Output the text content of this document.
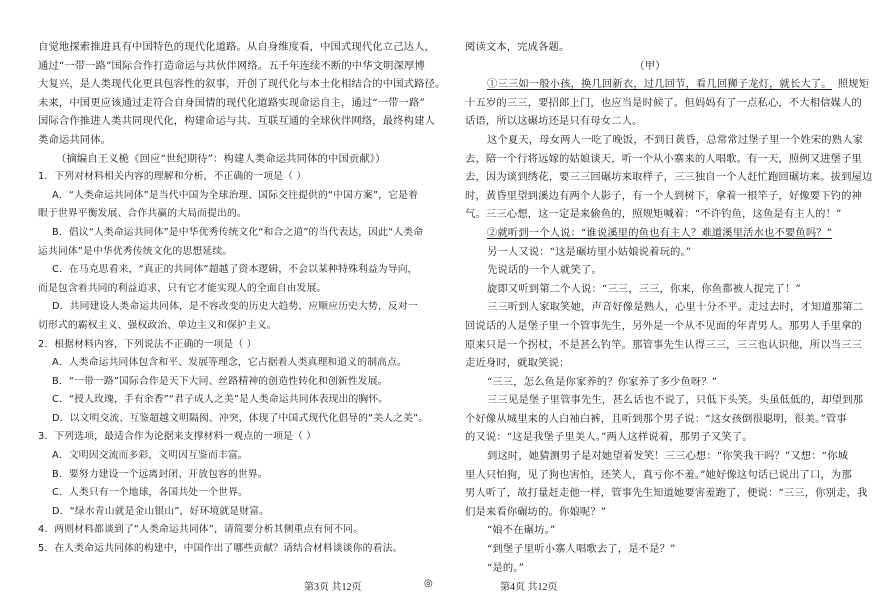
自觉地探索推进具有中国特色的现代化道路。从自身维度看，中国式现代化立己达人，
通过“一带一路”国际合作打造命运与共伙伴网络。五千年连续不断的中华文明深厚博
大复兴，是人类现代化更具包容性的叙事，开创了现代化与本土化相结合的中国式路径。
未来，中国更应该通过走符合自身国情的现代化道路实现命运自主，通过“一带一路”
国际合作推进人类共同现代化，构建命运与共、互联互通的全球伙伴网络，最终构建人
类命运共同体。
（摘编自王义桅《回应“世纪期待”：构建人类命运共同体的中国贡献》）
1．下列对材料相关内容的理解和分析，不正确的一项是（ ）
A．“人类命运共同体”是当代中国为全球治理、国际交往提供的“中国方案”，它是着
眼于世界平衡发展、合作共赢的大局而提出的。
B．倡议“人类命运共同体”是中华优秀传统文化“和合之道”的当代表达，因此“人类命
运共同体”是中华优秀传统文化的思想延续。
C．在马克思看来，“真正的共同体”超越了资本逻辑，不会以某种特殊利益为导向，
而是包含着共同的利益追求，只有它才能实现人的全面自由发展。
D．共同建设人类命运共同体，是不容改变的历史大趋势，应顺应历史大势，反对一
切形式的霸权主义、强权政治、单边主义和保护主义。
2．根据材料内容，下列说法不正确的一项是（ ）
A．人类命运共同体包含和平、发展等理念，它占据着人类真理和道义的制高点。
B．“一带一路”国际合作是天下大同、丝路精神的创造性转化和创新性发展。
C．“授人玫瑰，手有余香”“君子成人之美”是人类命运共同体表现出的胸怀。
D．以文明交流、互鉴超越文明隔阂、冲突，体现了中国式现代化倡导的“美人之美”。
3．下列选项，最适合作为论据来支撑材料一观点的一项是（ ）
A．文明因交流而多彩，文明因互鉴而丰富。
B．要努力建设一个远离封闭、开放包容的世界。
C．人类只有一个地球，各国共处一个世界。
D．“绿水青山就是金山银山”，好环境就是财富。
4．两则材料都谈到了“人类命运共同体”，请简要分析其侧重点有何不同。
5．在人类命运共同体的构建中，中国作出了哪些贡献？请结合材料谈谈你的看法。
阅读文本，完成各题。
（甲）
①三三如一般小孩，换几回新衣，过几回节，看几回狮子龙灯，就长大了。 照规矩
十五岁的三三，要招郎上门，也应当是时候了。但妈妈有了一点私心，不大相信媒人的
话语，所以这碾坊还是只有母女二人。
这个夏天，母女两人一吃了晚饭，不到日黄昏，总常常过堡子里一个姓宋的熟人家
去，陪一个行将远嫁的姑娘谈天，听一个从小寨来的人唱歌。有一天，照例又进堡子里
去，因为谈到绣花，要三三回碾坊来取样子，三三独自一个人赶忙跑回碾坊来。拔到屋边
时，黄昏里望到溪边有两个人影子，有一个人到树下，拿着一根竿子，好像要下钓的神
气。三三心想，这一定是来偷鱼的，照规矩喊着：“不许钓鱼，这鱼是有主人的！”
②就听到一个人说：“谁说溪里的鱼也有主人？难道溪里活水也不要鱼吗？”
另一人又说：“这是碾坊里小姑娘说着玩的。”
先说话的一个人就笑了。
旋即又听到第二个人说：“三三，三三，你来，你鱼都被人捉完了！”
三三听到人家取笑她，声音好像是熟人，心里十分不平。走过去时，才知道那第二
回说话的人是堡子里一个管事先生，另外是一个从不见面的年青男人。那男人手里拿的
原来只是一个拐杖，不是甚么钓竿。那管事先生认得三三，三三也认识他，所以当三三
走近身时，就取笑说：
“三三，怎么鱼是你家养的？你家养了多少鱼呀？”
三三见是堡子里管事先生，甚么话也不说了，只低下头笑。头虽低低的，却望到那
个好像从城里来的人白袖白裤，且听到那个男子说：“这女孩倒很聪明，很美。”管事
的又说：“这是我堡子里美人。”两人这样说着，那男子又笑了。
到这时，她猜测男子是对她望着发笑！三三心想：“你笑我干吗？”又想：“你城
里人只怕狗，见了狗也害怕，还笑人，真亏你不羞。”她好像这句话已说出了口，为那
男人听了，故打量赶走他一样，管事先生知道她要害羞跑了，便说：“三三，你别走，我
们是来看你碾坊的。你娘呢？”
“娘不在碾坊。”
“到堡子里听小寨人唱歌去了，是不是？”
“是的。”
第3页 共12页	◎	第4页 共12页
